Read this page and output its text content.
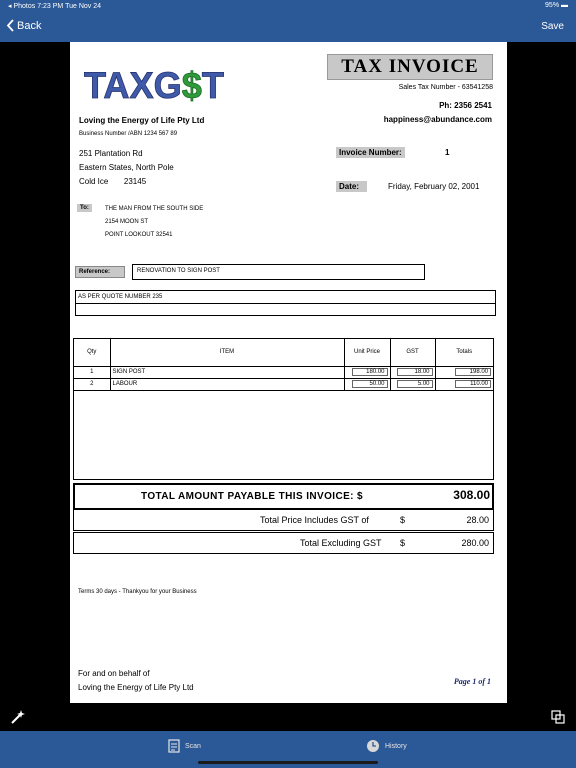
◂ Photos 7:23 PM Tue Nov 24	95% ▬
Back	Save
TAXG$T	TAX INVOICE
Sales Tax Number - 63541258
Ph: 2356 2541
happiness@abundance.com
Loving the Energy of Life Pty Ltd
Business Number /ABN 1234 567 89
251 Plantation Rd
Eastern States, North Pole
Cold Ice       23145
Invoice Number:	1
Date:	Friday, February 02, 2001
To:	THE MAN FROM THE SOUTH SIDE
2154 MOON ST
POINT LOOKOUT 32541
Reference:	RENOVATION TO SIGN POST
AS PER QUOTE NUMBER 235
Qty	ITEM	Unit Price	GST	Totals
1	SIGN POST	180.00	18.00	198.00
2	LABOUR	50.00	5.00	110.00

TOTAL AMOUNT PAYABLE THIS INVOICE: $	308.00
Total Price Includes GST of	$	28.00
Total Excluding GST $	280.00
Terms 30 days - Thankyou for your Business
For and on behalf of
Loving the Energy of Life Pty Ltd
Page 1 of 1
Scan	History
